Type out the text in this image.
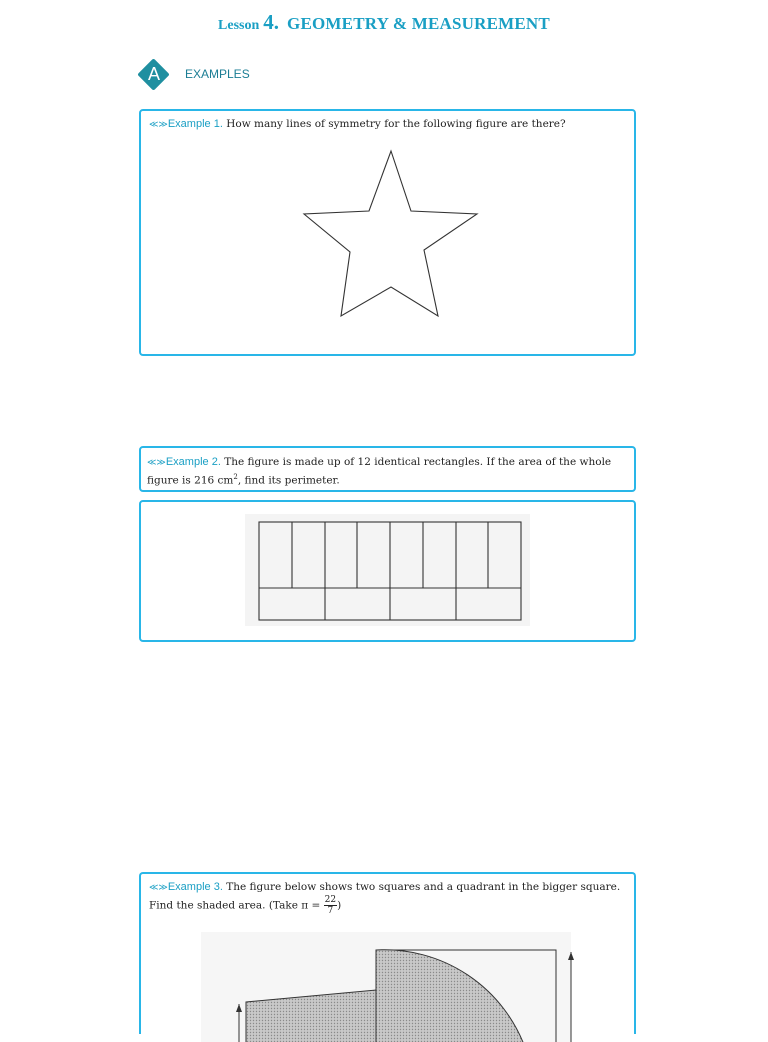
Lesson 4. GEOMETRY & MEASUREMENT
A	EXAMPLES
≪≫Example 1. How many lines of symmetry for the following figure are there?
≪≫Example 2. The figure is made up of 12 identical rectangles. If the area of the whole figure is 216 $cm^2$, find its perimeter.
≪≫Example 3. The figure below shows two squares and a quadrant in the bigger square. Find the shaded area. (Take $\pi = \frac{22}{7}$ )
